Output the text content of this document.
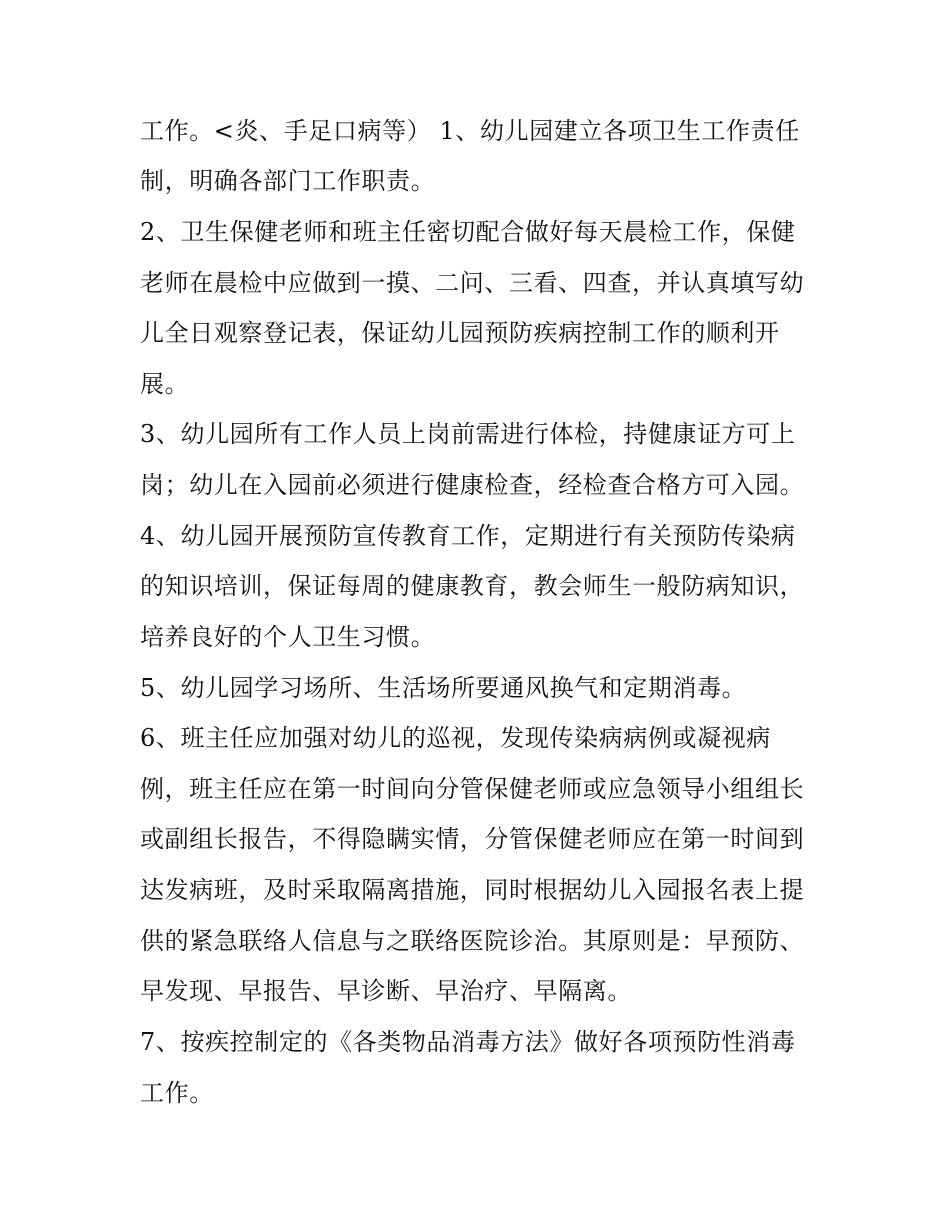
工作。<炎、手足口病等） 1、幼儿园建立各项卫生工作责任
制，明确各部门工作职责。
2、卫生保健老师和班主任密切配合做好每天晨检工作，保健
老师在晨检中应做到一摸、二问、三看、四查，并认真填写幼
儿全日观察登记表，保证幼儿园预防疾病控制工作的顺利开
展。
3、幼儿园所有工作人员上岗前需进行体检，持健康证方可上
岗；幼儿在入园前必须进行健康检查，经检查合格方可入园。
4、幼儿园开展预防宣传教育工作，定期进行有关预防传染病
的知识培训，保证每周的健康教育，教会师生一般防病知识，
培养良好的个人卫生习惯。
5、幼儿园学习场所、生活场所要通风换气和定期消毒。
6、班主任应加强对幼儿的巡视，发现传染病病例或凝视病
例，班主任应在第一时间向分管保健老师或应急领导小组组长
或副组长报告，不得隐瞒实情，分管保健老师应在第一时间到
达发病班，及时采取隔离措施，同时根据幼儿入园报名表上提
供的紧急联络人信息与之联络医院诊治。其原则是：早预防、
早发现、早报告、早诊断、早治疗、早隔离。
7、按疾控制定的《各类物品消毒方法》做好各项预防性消毒
工作。
